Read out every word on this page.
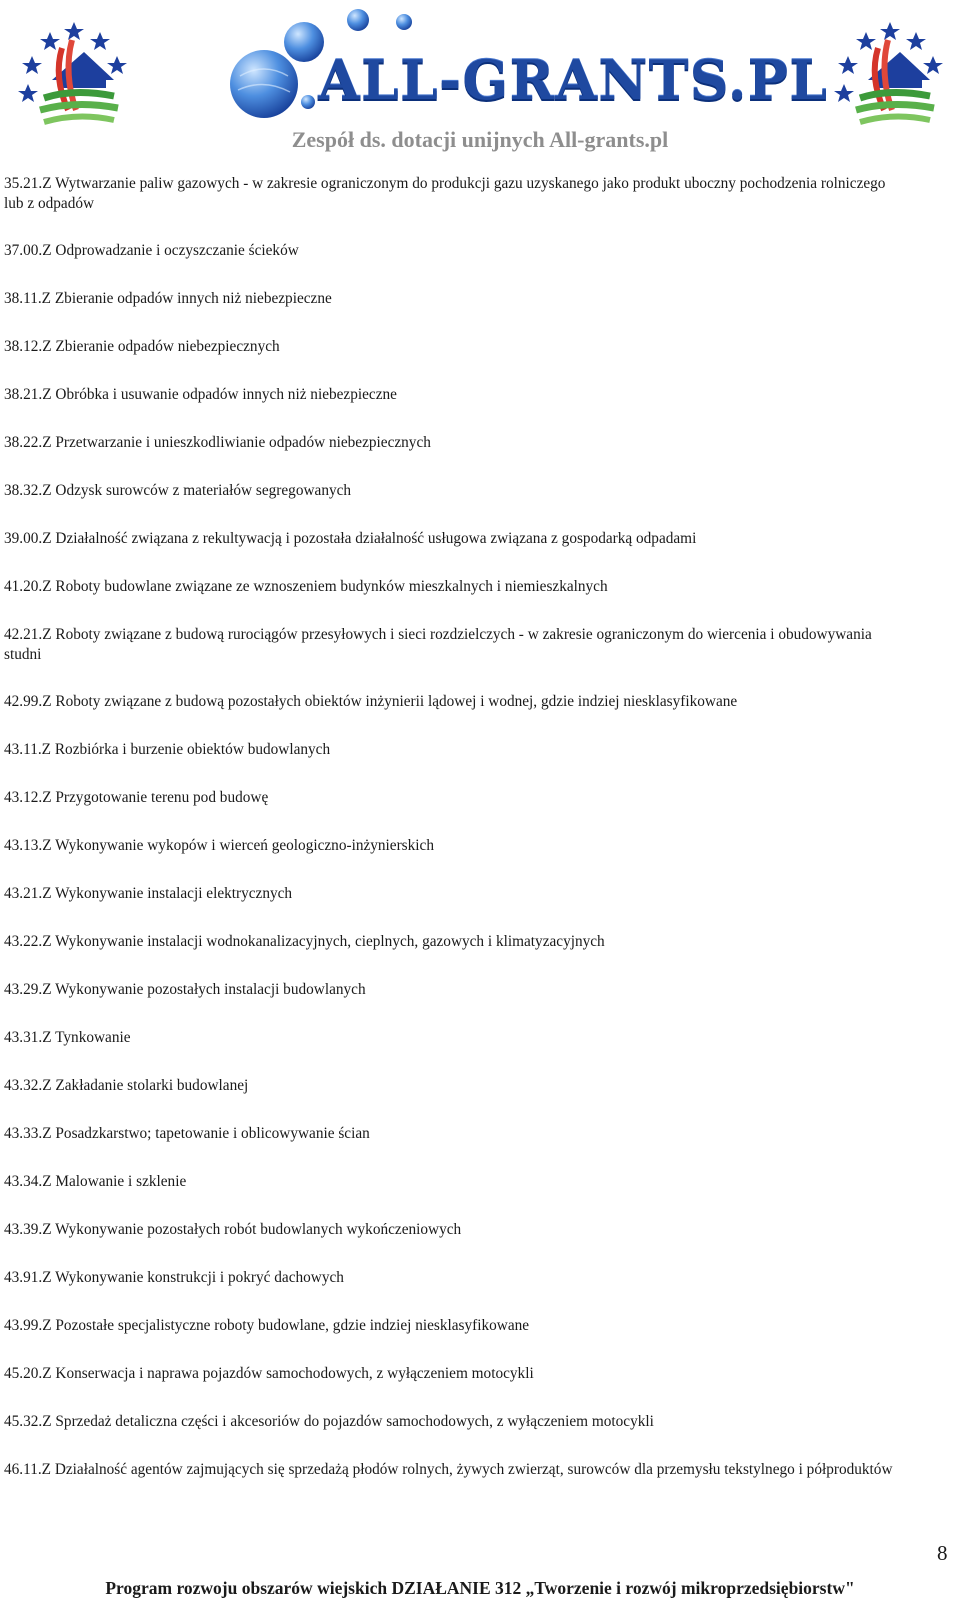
ALL-GRANTS.PL
Zespół ds. dotacji unijnych All-grants.pl
35.21.Z Wytwarzanie paliw gazowych - w zakresie ograniczonym do produkcji gazu uzyskanego jako produkt uboczny pochodzenia rolniczego lub z odpadów
37.00.Z Odprowadzanie i oczyszczanie ścieków
38.11.Z Zbieranie odpadów innych niż niebezpieczne
38.12.Z Zbieranie odpadów niebezpiecznych
38.21.Z Obróbka i usuwanie odpadów innych niż niebezpieczne
38.22.Z Przetwarzanie i unieszkodliwianie odpadów niebezpiecznych
38.32.Z Odzysk surowców z materiałów segregowanych
39.00.Z Działalność związana z rekultywacją i pozostała działalność usługowa związana z gospodarką odpadami
41.20.Z Roboty budowlane związane ze wznoszeniem budynków mieszkalnych i niemieszkalnych
42.21.Z Roboty związane z budową rurociągów przesyłowych i sieci rozdzielczych - w zakresie ograniczonym do wiercenia i obudowywania studni
42.99.Z Roboty związane z budową pozostałych obiektów inżynierii lądowej i wodnej, gdzie indziej niesklasyfikowane
43.11.Z Rozbiórka i burzenie obiektów budowlanych
43.12.Z Przygotowanie terenu pod budowę
43.13.Z Wykonywanie wykopów i wierceń geologiczno-inżynierskich
43.21.Z Wykonywanie instalacji elektrycznych
43.22.Z Wykonywanie instalacji wodnokanalizacyjnych, cieplnych, gazowych i klimatyzacyjnych
43.29.Z Wykonywanie pozostałych instalacji budowlanych
43.31.Z Tynkowanie
43.32.Z Zakładanie stolarki budowlanej
43.33.Z Posadzkarstwo; tapetowanie i oblicowywanie ścian
43.34.Z Malowanie i szklenie
43.39.Z Wykonywanie pozostałych robót budowlanych wykończeniowych
43.91.Z Wykonywanie konstrukcji i pokryć dachowych
43.99.Z Pozostałe specjalistyczne roboty budowlane, gdzie indziej niesklasyfikowane
45.20.Z Konserwacja i naprawa pojazdów samochodowych, z wyłączeniem motocykli
45.32.Z Sprzedaż detaliczna części i akcesoriów do pojazdów samochodowych, z wyłączeniem motocykli
46.11.Z Działalność agentów zajmujących się sprzedażą płodów rolnych, żywych zwierząt, surowców dla przemysłu tekstylnego i półproduktów
8
Program rozwoju obszarów wiejskich DZIAŁANIE 312 „Tworzenie i rozwój mikroprzedsiębiorstw"
